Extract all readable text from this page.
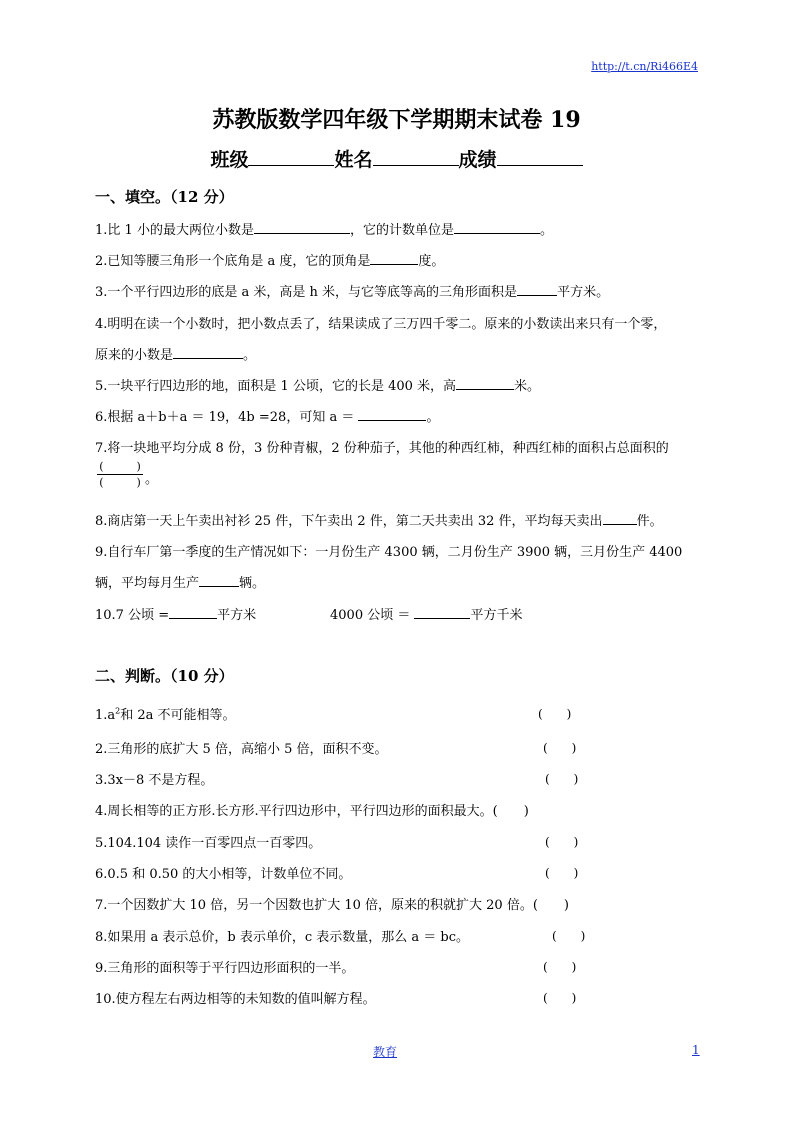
http://t.cn/Ri466E4
苏教版数学四年级下学期期末试卷 19
班级	姓名	成绩
一、填空。（12 分）
1.比 1 小的最大两位小数是	，它的计数单位是	。
2.已知等腰三角形一个底角是 a 度，它的顶角是	度。
3.一个平行四边形的底是 a 米，高是 h 米，与它等底等高的三角形面积是	平方米。
4.明明在读一个小数时，把小数点丢了，结果读成了三万四千零二。原来的小数读出来只有一个零，
原来的小数是	。
5.一块平行四边形的地，面积是 1 公顷，它的长是 400 米，高	米。
6.根据 a＋b＋a ＝ 19，4b =28，可知 a ＝	。
7.将一块地平均分成 8 份，3 份种青椒，2 份种茄子，其他的种西红柿，种西红柿的面积占总面积的
(　　　)
(　　　) 。
8.商店第一天上午卖出衬衫 25 件，下午卖出 2 件，第二天共卖出 32 件，平均每天卖出	件。
9.自行车厂第一季度的生产情况如下：一月份生产 4300 辆，二月份生产 3900 辆，三月份生产 4400
辆，平均每月生产	辆。
10.7 公顷 =	平方米	4000 公顷 ＝	平方千米
二、判断。（10 分）
$1.a^2$和 2a 不可能相等。	(　　)
2.三角形的底扩大 5 倍，高缩小 5 倍，面积不变。	(　　)
3.3x－8 不是方程。	(　　)
4.周长相等的正方形.长方形.平行四边形中，平行四边形的面积最大。(　　)
5.104.104 读作一百零四点一百零四。	(　　)
6.0.5 和 0.50 的大小相等，计数单位不同。	(　　)
7.一个因数扩大 10 倍，另一个因数也扩大 10 倍，原来的积就扩大 20 倍。(　　)
8.如果用 a 表示总价，b 表示单价，c 表示数量，那么 a ＝ bc。	(　　)
9.三角形的面积等于平行四边形面积的一半。	(　　)
10.使方程左右两边相等的未知数的值叫解方程。	(　　)
教育	1
